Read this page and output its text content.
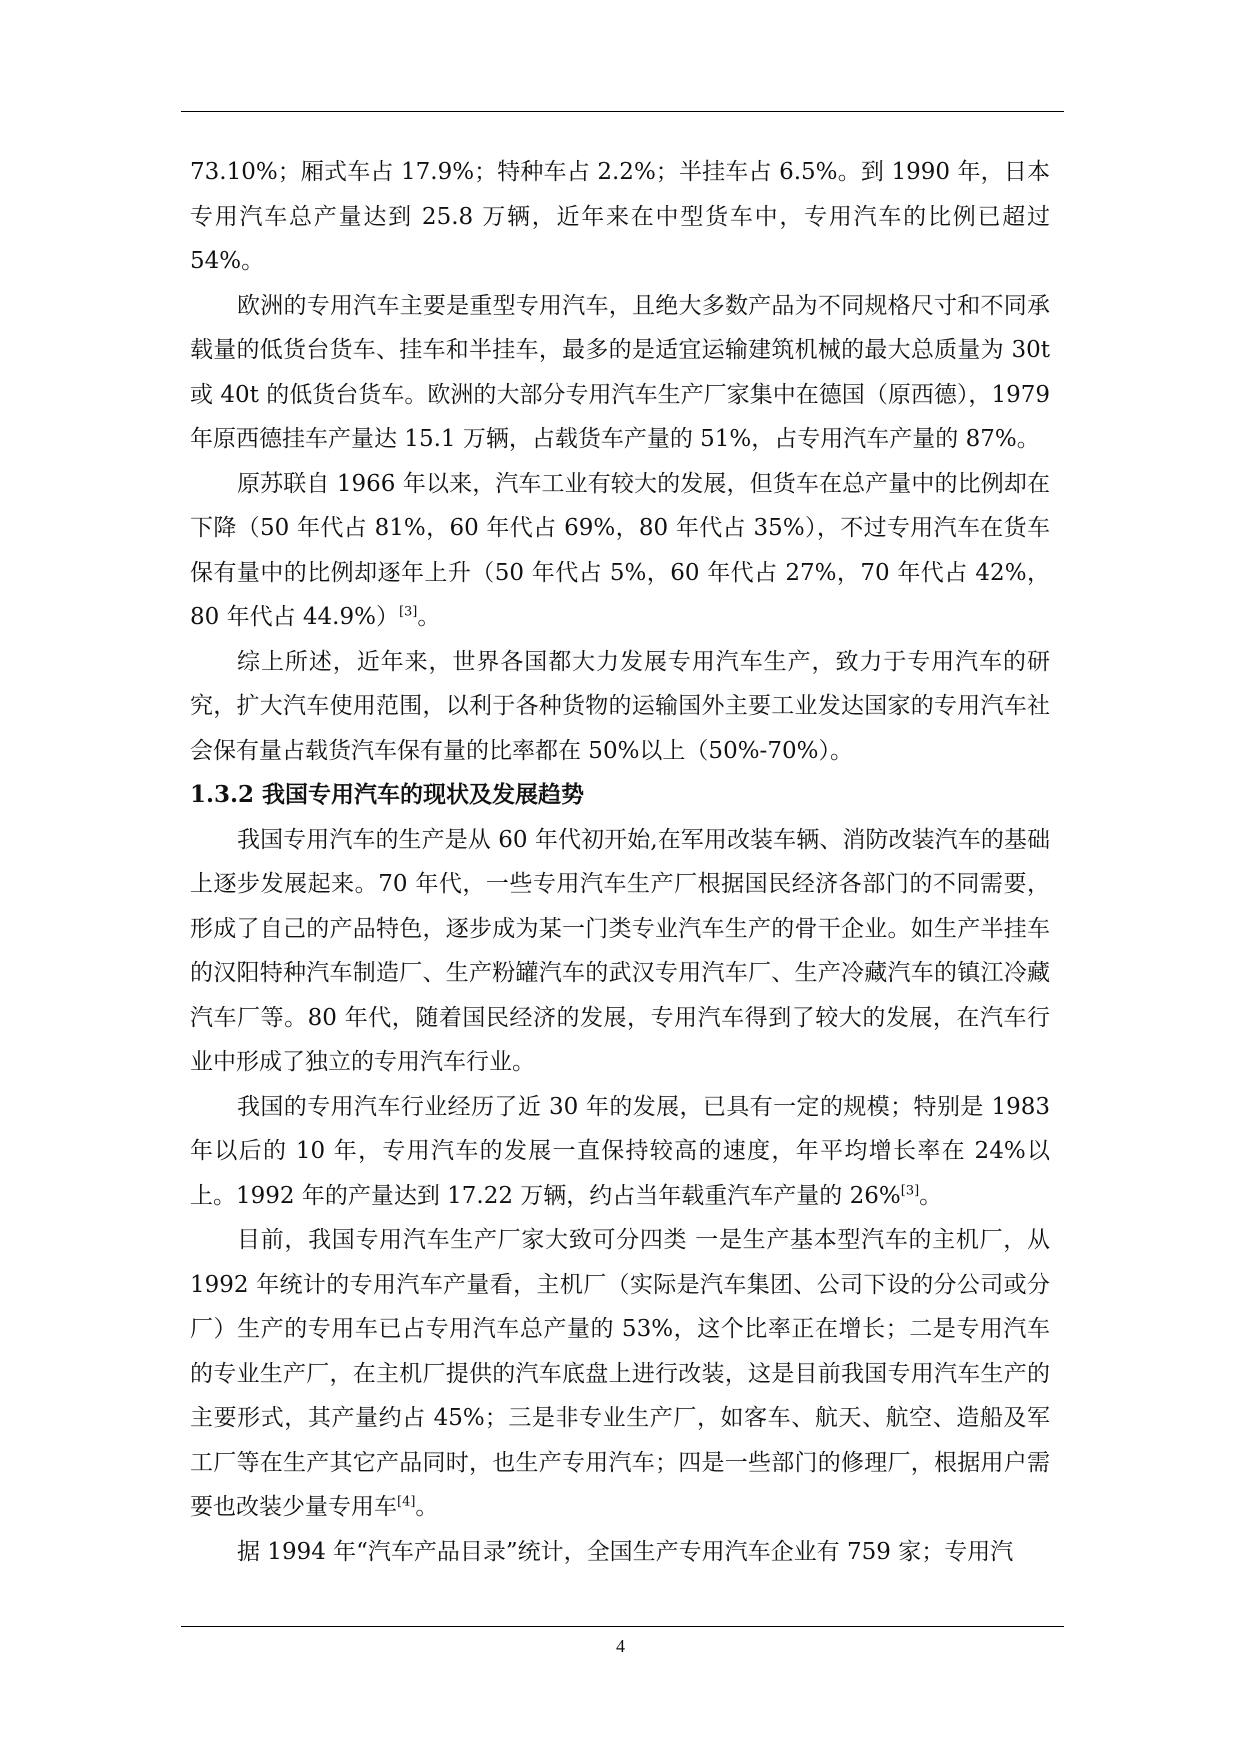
73.10%；厢式车占 17.9%；特种车占 2.2%；半挂车占 6.5%。到 1990 年，日本专用汽车总产量达到 25.8 万辆，近年来在中型货车中，专用汽车的比例已超过 54%。

欧洲的专用汽车主要是重型专用汽车，且绝大多数产品为不同规格尺寸和不同承载量的低货台货车、挂车和半挂车，最多的是适宜运输建筑机械的最大总质量为 30t 或 40t 的低货台货车。欧洲的大部分专用汽车生产厂家集中在德国（原西德），1979 年原西德挂车产量达 15.1 万辆，占载货车产量的 51%，占专用汽车产量的 87%。

原苏联自 1966 年以来，汽车工业有较大的发展，但货车在总产量中的比例却在下降（50 年代占 81%，60 年代占 69%，80 年代占 35%），不过专用汽车在货车保有量中的比例却逐年上升（50 年代占 5%，60 年代占 27%，70 年代占 42%，80 年代占 44.9%）[3]。

综上所述，近年来，世界各国都大力发展专用汽车生产，致力于专用汽车的研究，扩大汽车使用范围，以利于各种货物的运输国外主要工业发达国家的专用汽车社会保有量占载货汽车保有量的比率都在 50%以上（50%-70%）。

1.3.2 我国专用汽车的现状及发展趋势

我国专用汽车的生产是从 60 年代初开始,在军用改装车辆、消防改装汽车的基础上逐步发展起来。70 年代，一些专用汽车生产厂根据国民经济各部门的不同需要，形成了自己的产品特色，逐步成为某一门类专业汽车生产的骨干企业。如生产半挂车的汉阳特种汽车制造厂、生产粉罐汽车的武汉专用汽车厂、生产冷藏汽车的镇江冷藏汽车厂等。80 年代，随着国民经济的发展，专用汽车得到了较大的发展，在汽车行业中形成了独立的专用汽车行业。

我国的专用汽车行业经历了近 30 年的发展，已具有一定的规模；特别是 1983 年以后的 10 年，专用汽车的发展一直保持较高的速度，年平均增长率在 24%以上。1992 年的产量达到 17.22 万辆，约占当年载重汽车产量的 26%[3]。

目前，我国专用汽车生产厂家大致可分四类 一是生产基本型汽车的主机厂，从 1992 年统计的专用汽车产量看，主机厂（实际是汽车集团、公司下设的分公司或分厂）生产的专用车已占专用汽车总产量的 53%，这个比率正在增长；二是专用汽车的专业生产厂，在主机厂提供的汽车底盘上进行改装，这是目前我国专用汽车生产的主要形式，其产量约占 45%；三是非专业生产厂，如客车、航天、航空、造船及军工厂等在生产其它产品同时，也生产专用汽车；四是一些部门的修理厂，根据用户需要也改装少量专用车[4]。

据 1994 年“汽车产品目录”统计，全国生产专用汽车企业有 759 家；专用汽

4
